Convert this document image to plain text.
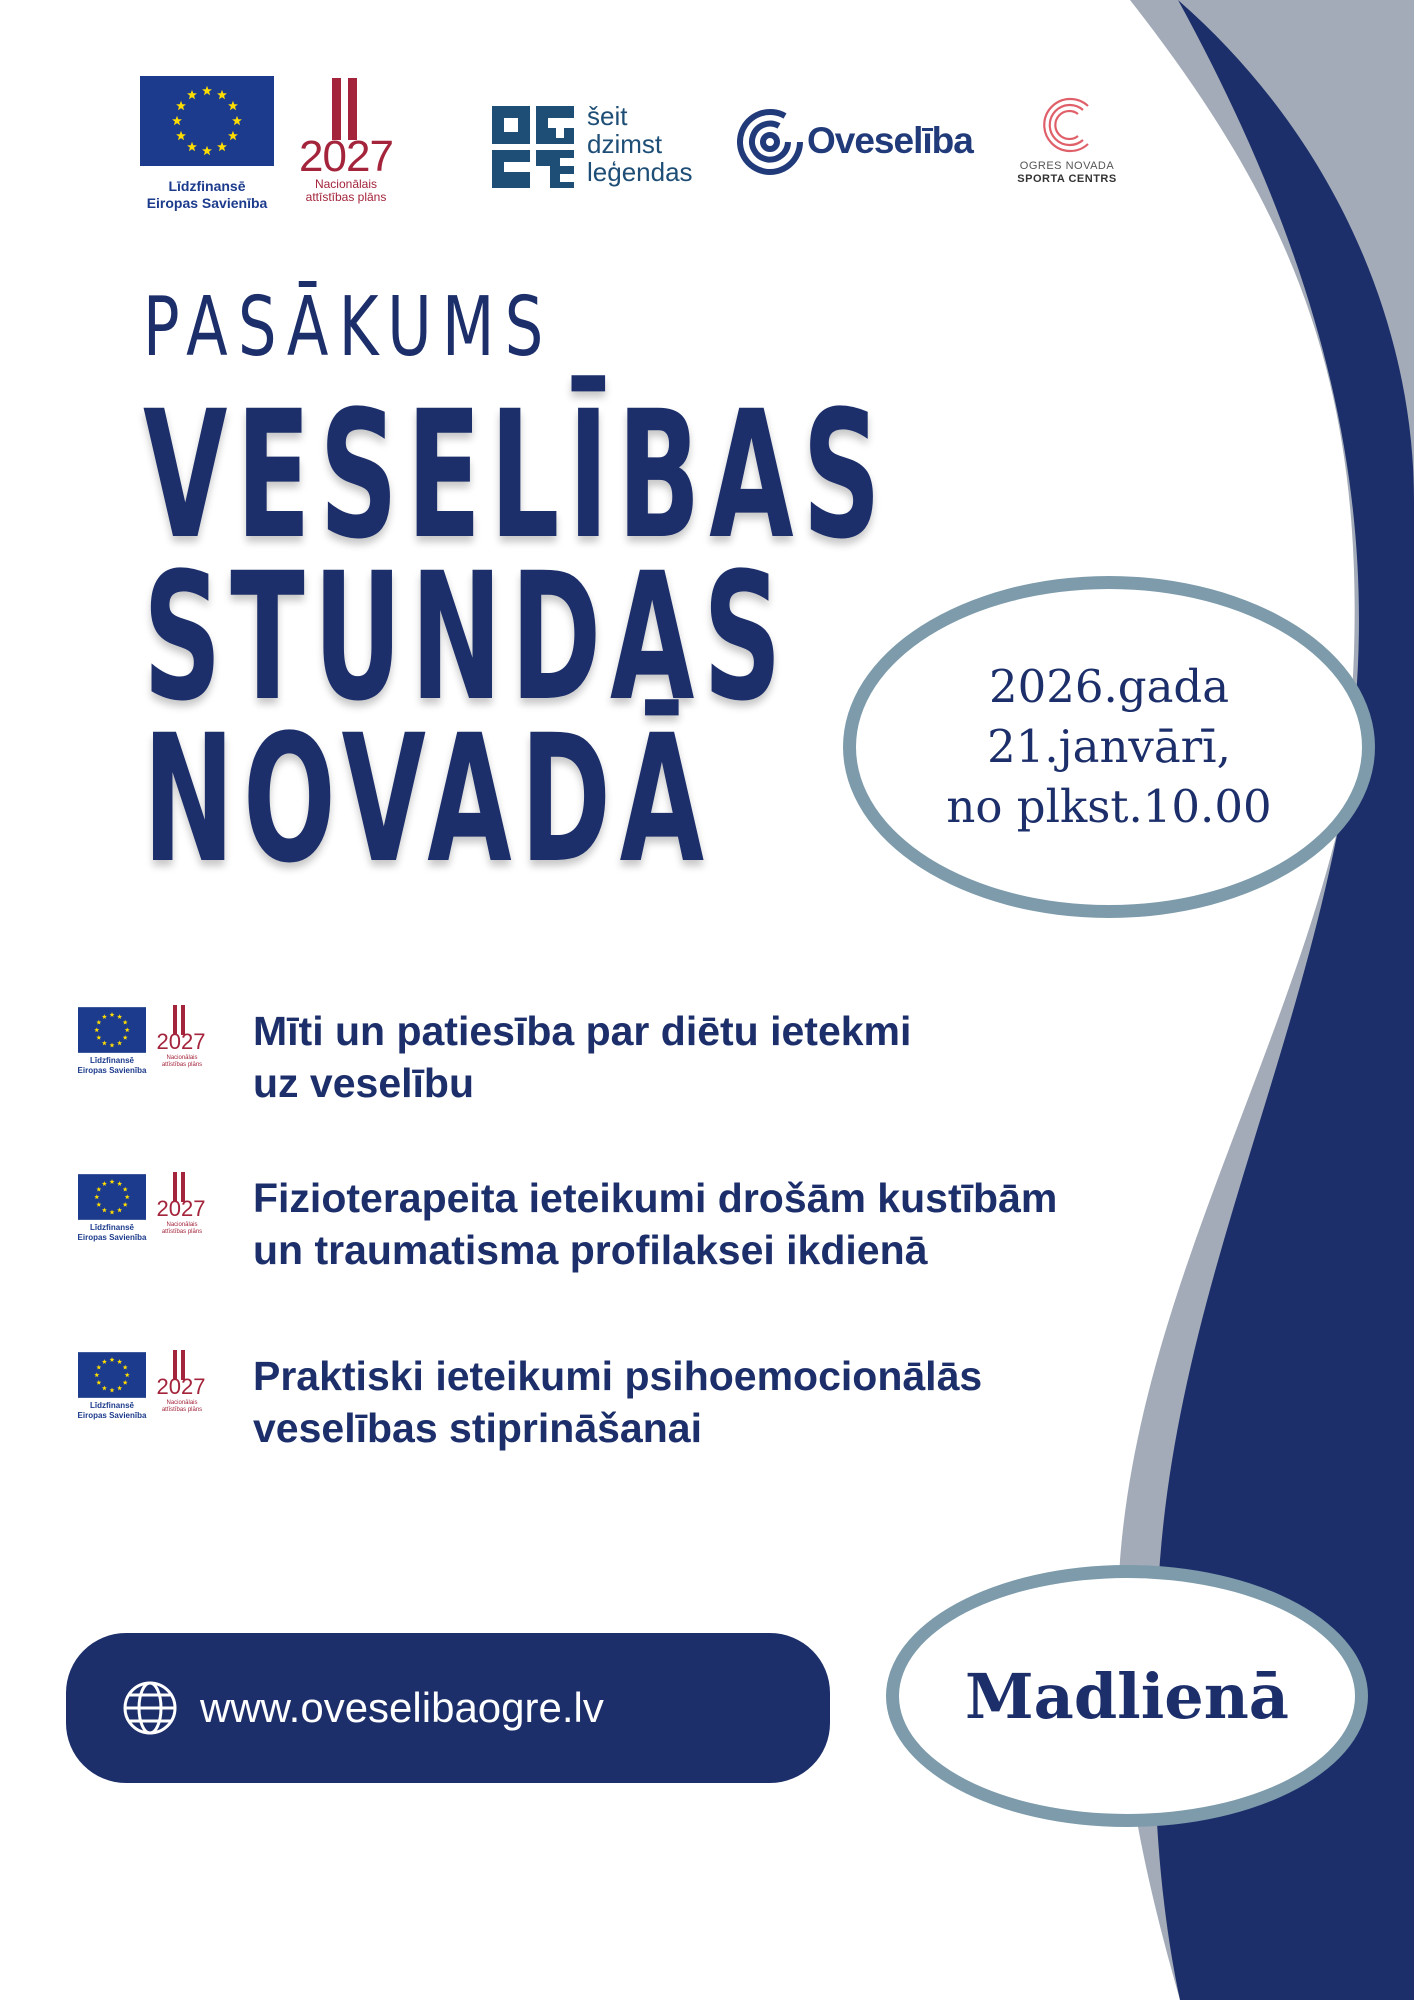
Līdzfinansē
Eiropas Savienība
2027
Nacionālais
attīstības plāns
šeit
dzimst
leģendas
Oveselība
OGRES NOVADA
SPORTA CENTRS
PASĀKUMS
VESELĪBAS
STUNDAS
NOVADĀ
2026.gada
21.janvārī,
no plkst.10.00
Līdzfinansē
Eiropas Savienība
2027
Nacionālais
attīstības plāns
Mīti un patiesība par diētu ietekmi
uz veselību
Līdzfinansē
Eiropas Savienība
2027
Nacionālais
attīstības plāns
Fizioterapeita ieteikumi drošām kustībām
un traumatisma profilaksei ikdienā
Līdzfinansē
Eiropas Savienība
2027
Nacionālais
attīstības plāns
Praktiski ieteikumi psihoemocionālās
veselības stiprināšanai
www.oveselibaogre.lv	Madlienā
